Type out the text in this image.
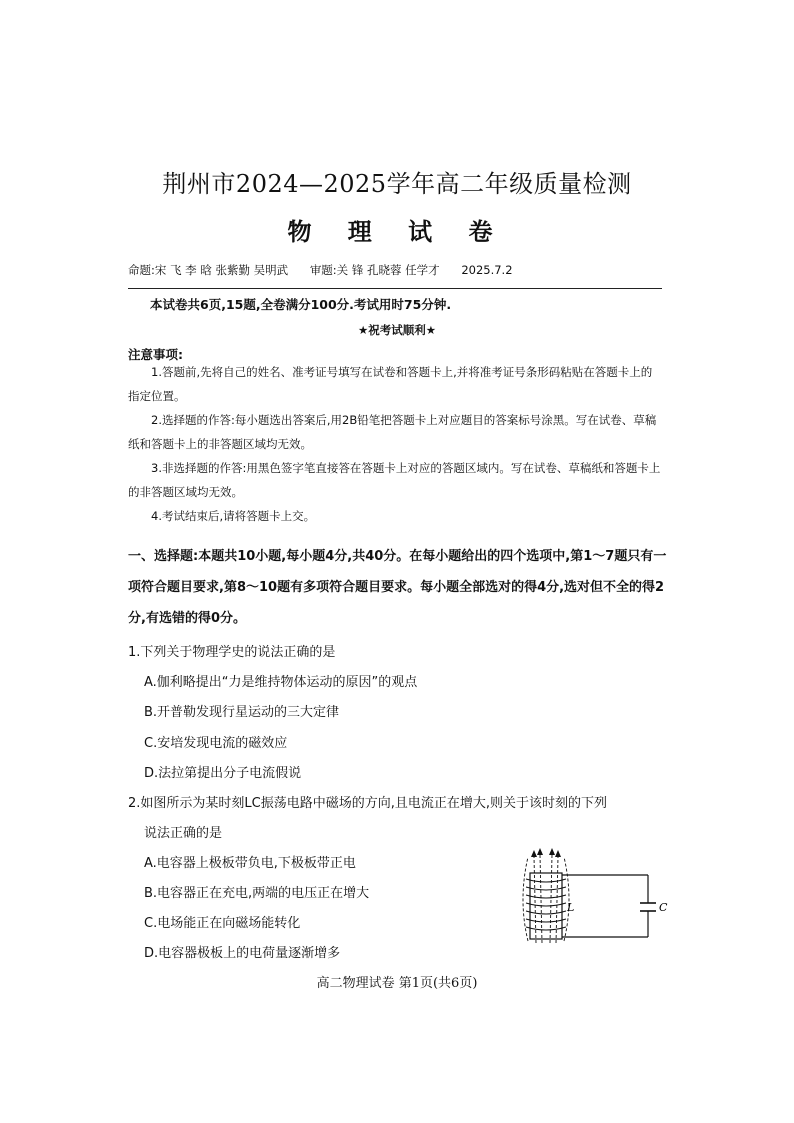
荆州市2024—2025学年高二年级质量检测
物 理 试 卷
命题:宋 飞 李 晗 张紫勤 吴明武 审题:关 锋 孔晓蓉 任学才 2025.7.2
本试卷共6页,15题,全卷满分100分.考试用时75分钟.
★祝考试顺利★
注意事项:
1.答题前,先将自己的姓名、准考证号填写在试卷和答题卡上,并将准考证号条形码粘贴在答题卡上的指定位置。
2.选择题的作答:每小题选出答案后,用2B铅笔把答题卡上对应题目的答案标号涂黑。写在试卷、草稿纸和答题卡上的非答题区域均无效。
3.非选择题的作答:用黑色签字笔直接答在答题卡上对应的答题区域内。写在试卷、草稿纸和答题卡上的非答题区域均无效。
4.考试结束后,请将答题卡上交。
一、选择题:本题共10小题,每小题4分,共40分。在每小题给出的四个选项中,第1～7题只有一项符合题目要求,第8～10题有多项符合题目要求。每小题全部选对的得4分,选对但不全的得2分,有选错的得0分。
1.下列关于物理学史的说法正确的是
A.伽利略提出“力是维持物体运动的原因”的观点
B.开普勒发现行星运动的三大定律
C.安培发现电流的磁效应
D.法拉第提出分子电流假说
2.如图所示为某时刻LC振荡电路中磁场的方向,且电流正在增大,则关于该时刻的下列
说法正确的是
A.电容器上极板带负电,下极板带正电
B.电容器正在充电,两端的电压正在增大
C.电场能正在向磁场能转化
D.电容器极板上的电荷量逐渐增多
L	C
高二物理试卷 第1页(共6页)
